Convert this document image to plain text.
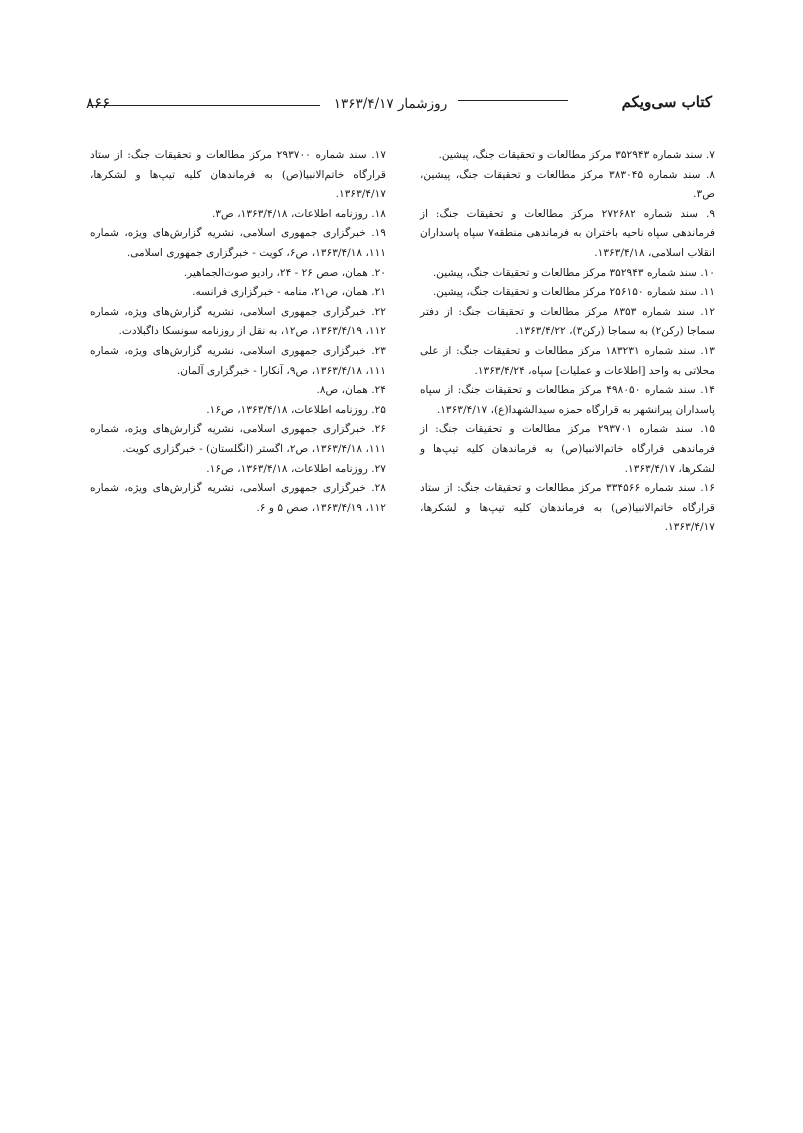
کتاب سی‌ویکم
روزشمار ۱۳۶۳/۴/۱۷
۸۶۶

۷. سند شماره ۳۵۲۹۴۳ مرکز مطالعات و تحقیقات جنگ، پیشین.

۸. سند شماره ۳۸۳۰۴۵ مرکز مطالعات و تحقیقات جنگ، پیشین، ص۳.

۹. سند شماره ۲۷۲۶۸۲ مرکز مطالعات و تحقیقات جنگ: از فرماندهی سپاه ناحیه باختران به فرماندهی منطقه۷ سپاه پاسداران انقلاب اسلامی، ۱۳۶۳/۴/۱۸.

۱۰. سند شماره ۳۵۲۹۴۳ مرکز مطالعات و تحقیقات جنگ، پیشین.

۱۱. سند شماره ۲۵۶۱۵۰ مرکز مطالعات و تحقیقات جنگ، پیشین.

۱۲. سند شماره ۸۳۵۳ مرکز مطالعات و تحقیقات جنگ: از دفتر سماجا (رکن۲) به سماجا (رکن۳)، ۱۳۶۳/۴/۲۲.

۱۳. سند شماره ۱۸۳۲۳۱ مرکز مطالعات و تحقیقات جنگ: از علی محلاتی به واحد [اطلاعات و عملیات] سپاه، ۱۳۶۳/۴/۲۴.

۱۴. سند شماره ۴۹۸۰۵۰ مرکز مطالعات و تحقیقات جنگ: از سپاه پاسداران پیرانشهر به قرارگاه حمزه سیدالشهدا(ع)، ۱۳۶۳/۴/۱۷.

۱۵. سند شماره ۲۹۳۷۰۱ مرکز مطالعات و تحقیقات جنگ: از فرماندهی قرارگاه خاتم‌الانبیا(ص) به فرماندهان کلیه تیپ‌ها و لشکرها، ۱۳۶۳/۴/۱۷.

۱۶. سند شماره ۳۳۴۵۶۶ مرکز مطالعات و تحقیقات جنگ: از ستاد قرارگاه خاتم‌الانبیا(ص) به فرماندهان کلیه تیپ‌ها و لشکرها، ۱۳۶۳/۴/۱۷.

۱۷. سند شماره ۲۹۳۷۰۰ مرکز مطالعات و تحقیقات جنگ: از ستاد قرارگاه خاتم‌الانبیا(ص) به فرماندهان کلیه تیپ‌ها و لشکرها، ۱۳۶۳/۴/۱۷.

۱۸. روزنامه اطلاعات، ۱۳۶۳/۴/۱۸، ص۳.

۱۹. خبرگزاری جمهوری اسلامی، نشریه گزارش‌های ویژه، شماره ۱۱۱، ۱۳۶۳/۴/۱۸، ص۶، کویت - خبرگزاری جمهوری اسلامی.

۲۰. همان، صص ۲۶ - ۲۴، رادیو صوت‌الجماهیر.

۲۱. همان، ص۲۱، منامه - خبرگزاری فرانسه.

۲۲. خبرگزاری جمهوری اسلامی، نشریه گزارش‌های ویژه، شماره ۱۱۲، ۱۳۶۳/۴/۱۹، ص۱۲، به نقل از روزنامه سونسکا داگبلادت.

۲۳. خبرگزاری جمهوری اسلامی، نشریه گزارش‌های ویژه، شماره ۱۱۱، ۱۳۶۳/۴/۱۸، ص۹، آنکارا - خبرگزاری آلمان.

۲۴. همان، ص۸.

۲۵. روزنامه اطلاعات، ۱۳۶۳/۴/۱۸، ص۱۶.

۲۶. خبرگزاری جمهوری اسلامی، نشریه گزارش‌های ویژه، شماره ۱۱۱، ۱۳۶۳/۴/۱۸، ص۲، اگستر (انگلستان) - خبرگزاری کویت.

۲۷. روزنامه اطلاعات، ۱۳۶۳/۴/۱۸، ص۱۶.

۲۸. خبرگزاری جمهوری اسلامی، نشریه گزارش‌های ویژه، شماره ۱۱۲، ۱۳۶۳/۴/۱۹، صص ۵ و ۶.
